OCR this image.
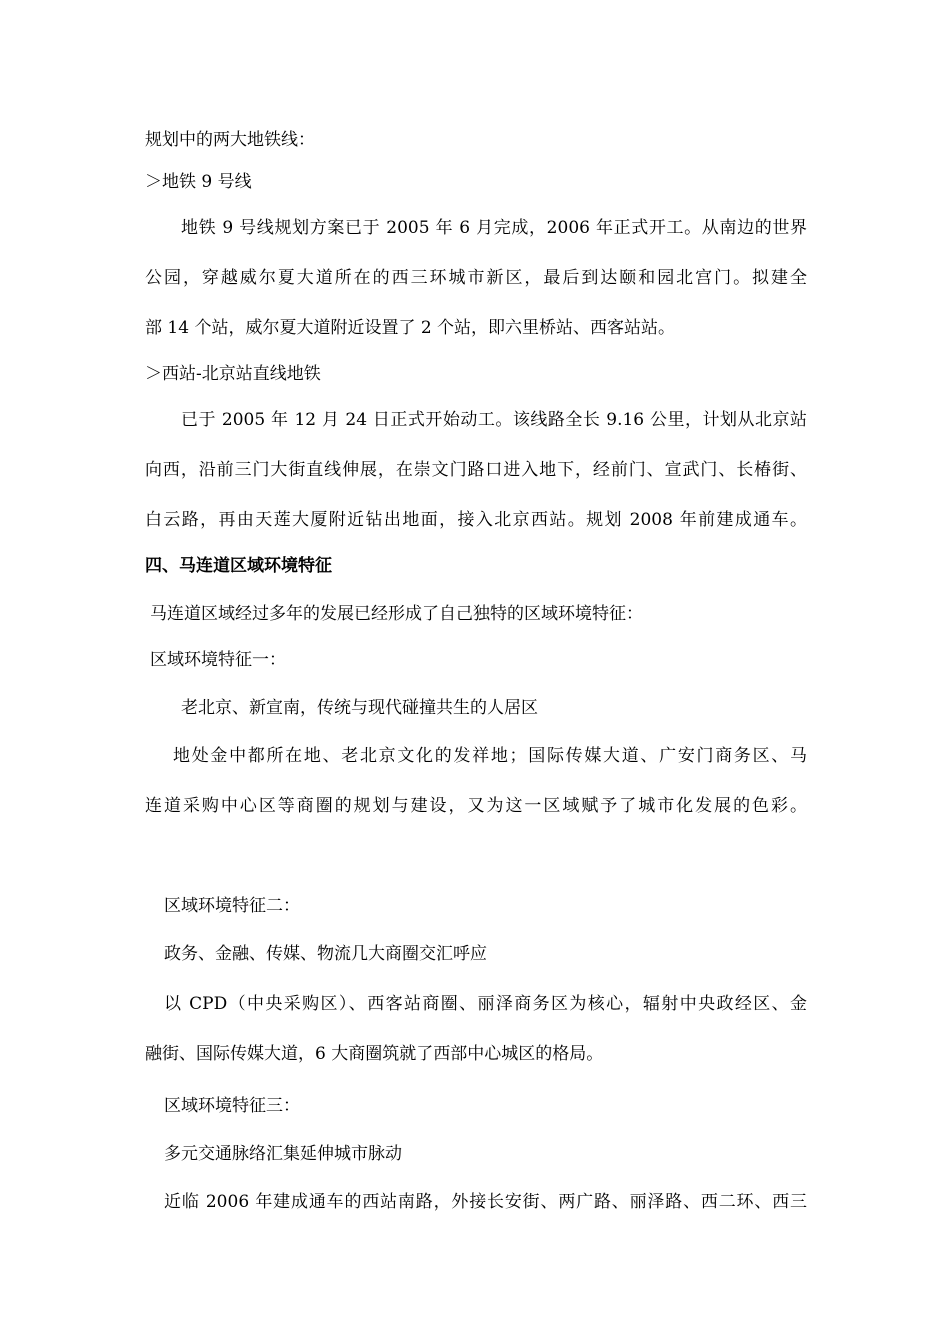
规划中的两大地铁线：
＞地铁 9 号线
地铁 9 号线规划方案已于 2005 年 6 月完成，2006 年正式开工。从南边的世界
公园，穿越威尔夏大道所在的西三环城市新区，最后到达颐和园北宫门。拟建全
部 14 个站，威尔夏大道附近设置了 2 个站，即六里桥站、西客站站。
＞西站-北京站直线地铁
已于 2005 年 12 月 24 日正式开始动工。该线路全长 9.16 公里，计划从北京站
向西，沿前三门大街直线伸展，在崇文门路口进入地下，经前门、宣武门、长椿街、
白云路，再由天莲大厦附近钻出地面，接入北京西站。规划 2008 年前建成通车。
四、马连道区域环境特征
马连道区域经过多年的发展已经形成了自己独特的区域环境特征：
区域环境特征一：
老北京、新宣南，传统与现代碰撞共生的人居区
地处金中都所在地、老北京文化的发祥地；国际传媒大道、广安门商务区、马
连道采购中心区等商圈的规划与建设，又为这一区域赋予了城市化发展的色彩。
区域环境特征二：
政务、金融、传媒、物流几大商圈交汇呼应
以 CPD（中央采购区）、西客站商圈、丽泽商务区为核心，辐射中央政经区、金
融街、国际传媒大道，6 大商圈筑就了西部中心城区的格局。
区域环境特征三：
多元交通脉络汇集延伸城市脉动
近临 2006 年建成通车的西站南路，外接长安街、两广路、丽泽路、西二环、西三
